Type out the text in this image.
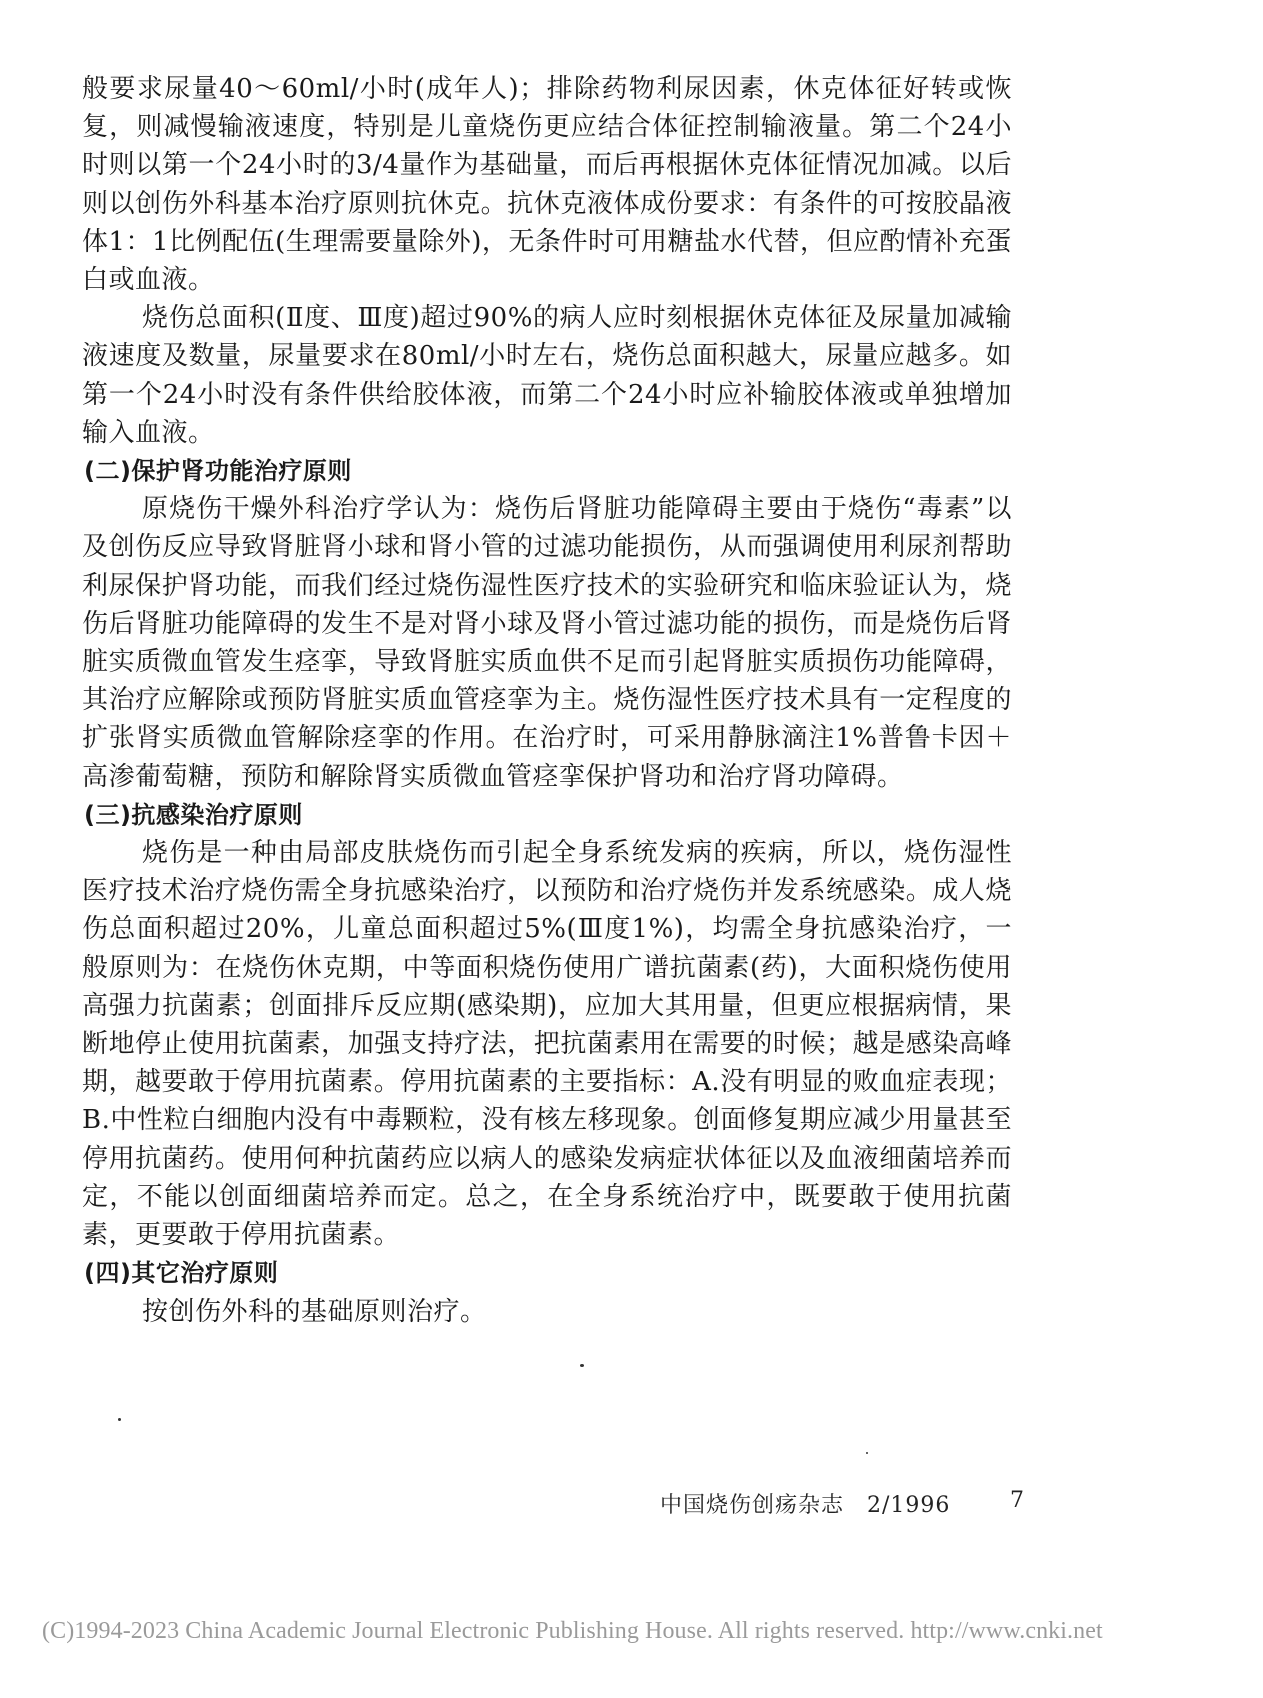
般要求尿量40～60ml/小时(成年人)；排除药物利尿因素，休克体征好转或恢复，则减慢输液速度，特别是儿童烧伤更应结合体征控制输液量。第二个24小时则以第一个24小时的3/4量作为基础量，而后再根据休克体征情况加减。以后则以创伤外科基本治疗原则抗休克。抗休克液体成份要求：有条件的可按胶晶液体1：1比例配伍(生理需要量除外)，无条件时可用糖盐水代替，但应酌情补充蛋白或血液。

烧伤总面积(Ⅱ度、Ⅲ度)超过90%的病人应时刻根据休克体征及尿量加减输液速度及数量，尿量要求在80ml/小时左右，烧伤总面积越大，尿量应越多。如第一个24小时没有条件供给胶体液，而第二个24小时应补输胶体液或单独增加输入血液。

(二)保护肾功能治疗原则

原烧伤干燥外科治疗学认为：烧伤后肾脏功能障碍主要由于烧伤“毒素”以及创伤反应导致肾脏肾小球和肾小管的过滤功能损伤，从而强调使用利尿剂帮助利尿保护肾功能，而我们经过烧伤湿性医疗技术的实验研究和临床验证认为，烧伤后肾脏功能障碍的发生不是对肾小球及肾小管过滤功能的损伤，而是烧伤后肾脏实质微血管发生痉挛，导致肾脏实质血供不足而引起肾脏实质损伤功能障碍，其治疗应解除或预防肾脏实质血管痉挛为主。烧伤湿性医疗技术具有一定程度的扩张肾实质微血管解除痉挛的作用。在治疗时，可采用静脉滴注1%普鲁卡因＋高渗葡萄糖，预防和解除肾实质微血管痉挛保护肾功和治疗肾功障碍。

(三)抗感染治疗原则

烧伤是一种由局部皮肤烧伤而引起全身系统发病的疾病，所以，烧伤湿性医疗技术治疗烧伤需全身抗感染治疗，以预防和治疗烧伤并发系统感染。成人烧伤总面积超过20%，儿童总面积超过5%(Ⅲ度1%)，均需全身抗感染治疗，一般原则为：在烧伤休克期，中等面积烧伤使用广谱抗菌素(药)，大面积烧伤使用高强力抗菌素；创面排斥反应期(感染期)，应加大其用量，但更应根据病情，果断地停止使用抗菌素，加强支持疗法，把抗菌素用在需要的时候；越是感染高峰期，越要敢于停用抗菌素。停用抗菌素的主要指标：A.没有明显的败血症表现；B.中性粒白细胞内没有中毒颗粒，没有核左移现象。创面修复期应减少用量甚至停用抗菌药。使用何种抗菌药应以病人的感染发病症状体征以及血液细菌培养而定，不能以创面细菌培养而定。总之，在全身系统治疗中，既要敢于使用抗菌素，更要敢于停用抗菌素。

(四)其它治疗原则

按创伤外科的基础原则治疗。

中国烧伤创疡杂志　2/1996	7
(C)1994-2023 China Academic Journal Electronic Publishing House. All rights reserved. http://www.cnki.net
